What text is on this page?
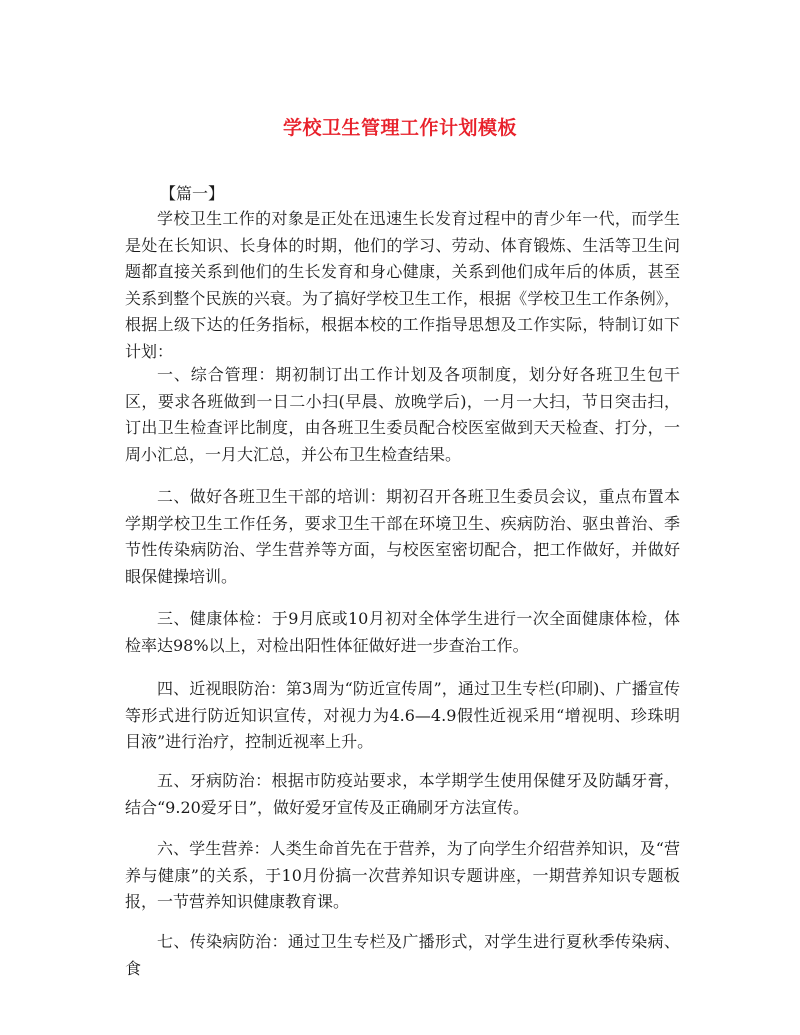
学校卫生管理工作计划模板
【篇一】

学校卫生工作的对象是正处在迅速生长发育过程中的青少年一代，而学生是处在长知识、长身体的时期，他们的学习、劳动、体育锻炼、生活等卫生问题都直接关系到他们的生长发育和身心健康，关系到他们成年后的体质，甚至关系到整个民族的兴衰。为了搞好学校卫生工作，根据《学校卫生工作条例》，根据上级下达的任务指标，根据本校的工作指导思想及工作实际，特制订如下计划：

一、综合管理：期初制订出工作计划及各项制度，划分好各班卫生包干区，要求各班做到一日二小扫(早晨、放晚学后)，一月一大扫，节日突击扫，订出卫生检查评比制度，由各班卫生委员配合校医室做到天天检查、打分，一周小汇总，一月大汇总，并公布卫生检查结果。

二、做好各班卫生干部的培训：期初召开各班卫生委员会议，重点布置本学期学校卫生工作任务，要求卫生干部在环境卫生、疾病防治、驱虫普治、季节性传染病防治、学生营养等方面，与校医室密切配合，把工作做好，并做好眼保健操培训。

三、健康体检：于9月底或10月初对全体学生进行一次全面健康体检，体检率达98%以上，对检出阳性体征做好进一步查治工作。

四、近视眼防治：第3周为“防近宣传周”，通过卫生专栏(印刷)、广播宣传等形式进行防近知识宣传，对视力为4.6—4.9假性近视采用“增视明、珍珠明目液”进行治疗，控制近视率上升。

五、牙病防治：根据市防疫站要求，本学期学生使用保健牙及防龋牙膏，结合“9.20爱牙日”，做好爱牙宣传及正确刷牙方法宣传。

六、学生营养：人类生命首先在于营养，为了向学生介绍营养知识，及“营养与健康”的关系，于10月份搞一次营养知识专题讲座，一期营养知识专题板报，一节营养知识健康教育课。

七、传染病防治：通过卫生专栏及广播形式，对学生进行夏秋季传染病、食
